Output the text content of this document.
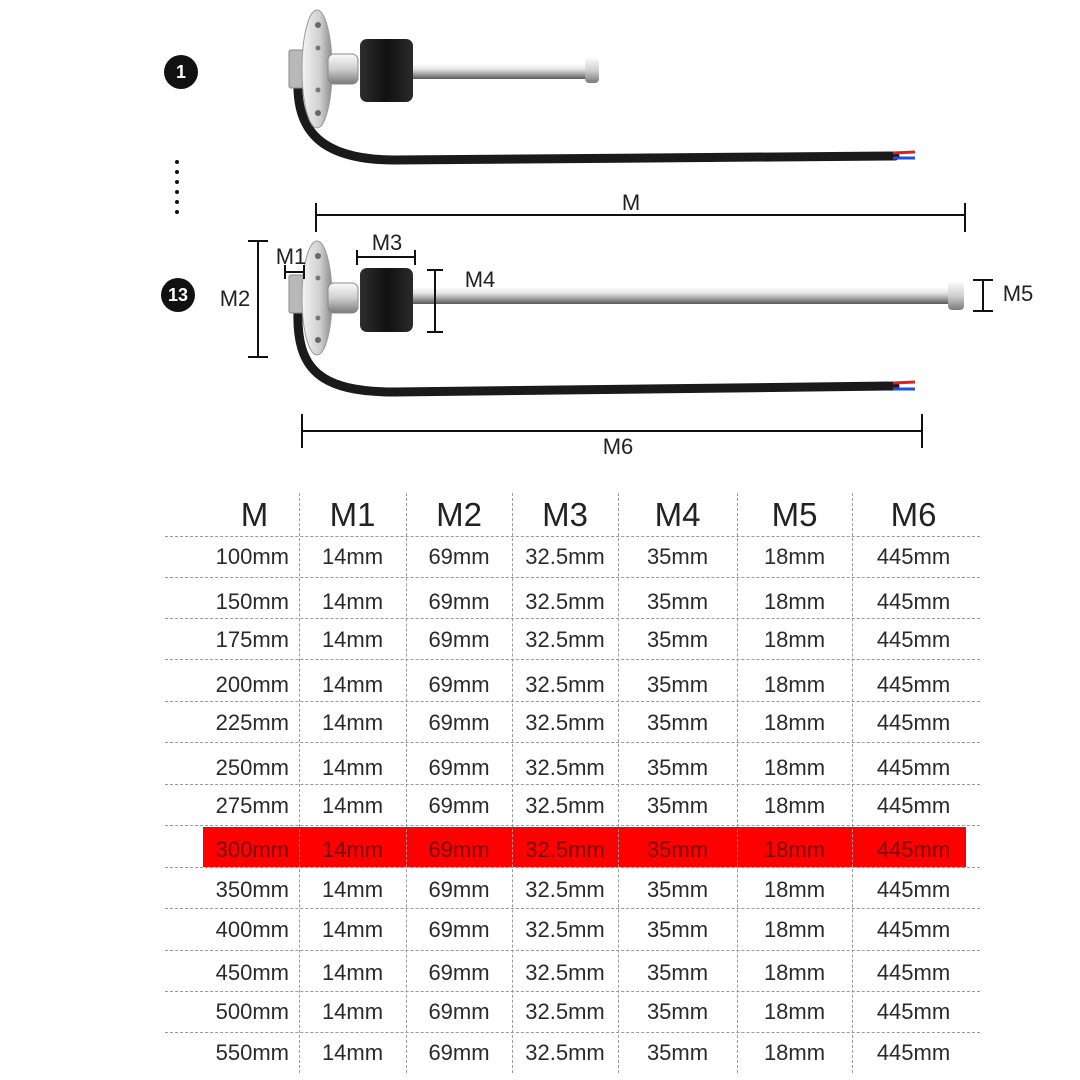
1
M
13
M1
M2
M3
M4
M5
M6
M	M1	M2	M3	M4	M5	M6
100mm	14mm	69mm	32.5mm	35mm	18mm	445mm
150mm	14mm	69mm	32.5mm	35mm	18mm	445mm
175mm	14mm	69mm	32.5mm	35mm	18mm	445mm
200mm	14mm	69mm	32.5mm	35mm	18mm	445mm
225mm	14mm	69mm	32.5mm	35mm	18mm	445mm
250mm	14mm	69mm	32.5mm	35mm	18mm	445mm
275mm	14mm	69mm	32.5mm	35mm	18mm	445mm
300mm	14mm	69mm	32.5mm	35mm	18mm	445mm
350mm	14mm	69mm	32.5mm	35mm	18mm	445mm
400mm	14mm	69mm	32.5mm	35mm	18mm	445mm
450mm	14mm	69mm	32.5mm	35mm	18mm	445mm
500mm	14mm	69mm	32.5mm	35mm	18mm	445mm
550mm	14mm	69mm	32.5mm	35mm	18mm	445mm
